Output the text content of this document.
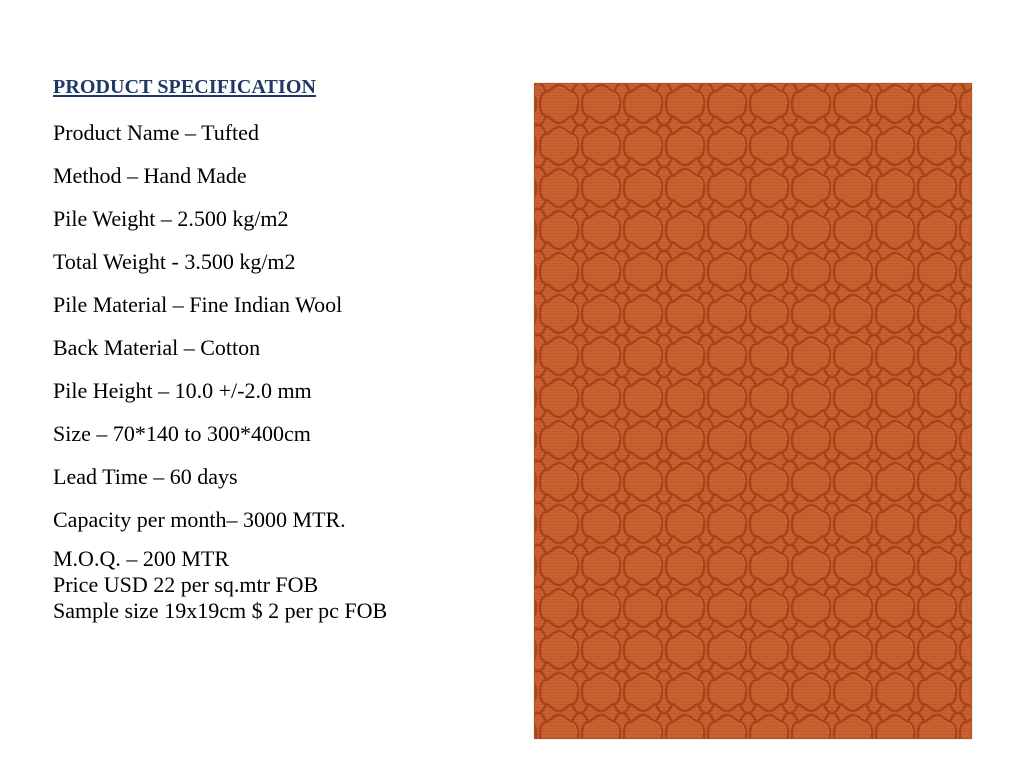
PRODUCT SPECIFICATION
Product Name – Tufted
Method – Hand Made
Pile Weight – 2.500 kg/m2
Total Weight - 3.500 kg/m2
Pile Material – Fine Indian Wool
Back Material – Cotton
Pile Height – 10.0 +/-2.0 mm
Size – 70*140 to 300*400cm
Lead Time – 60 days
Capacity per month– 3000 MTR.
M.O.Q. – 200 MTR
Price USD 22 per sq.mtr FOB
Sample size 19x19cm $ 2 per pc FOB
